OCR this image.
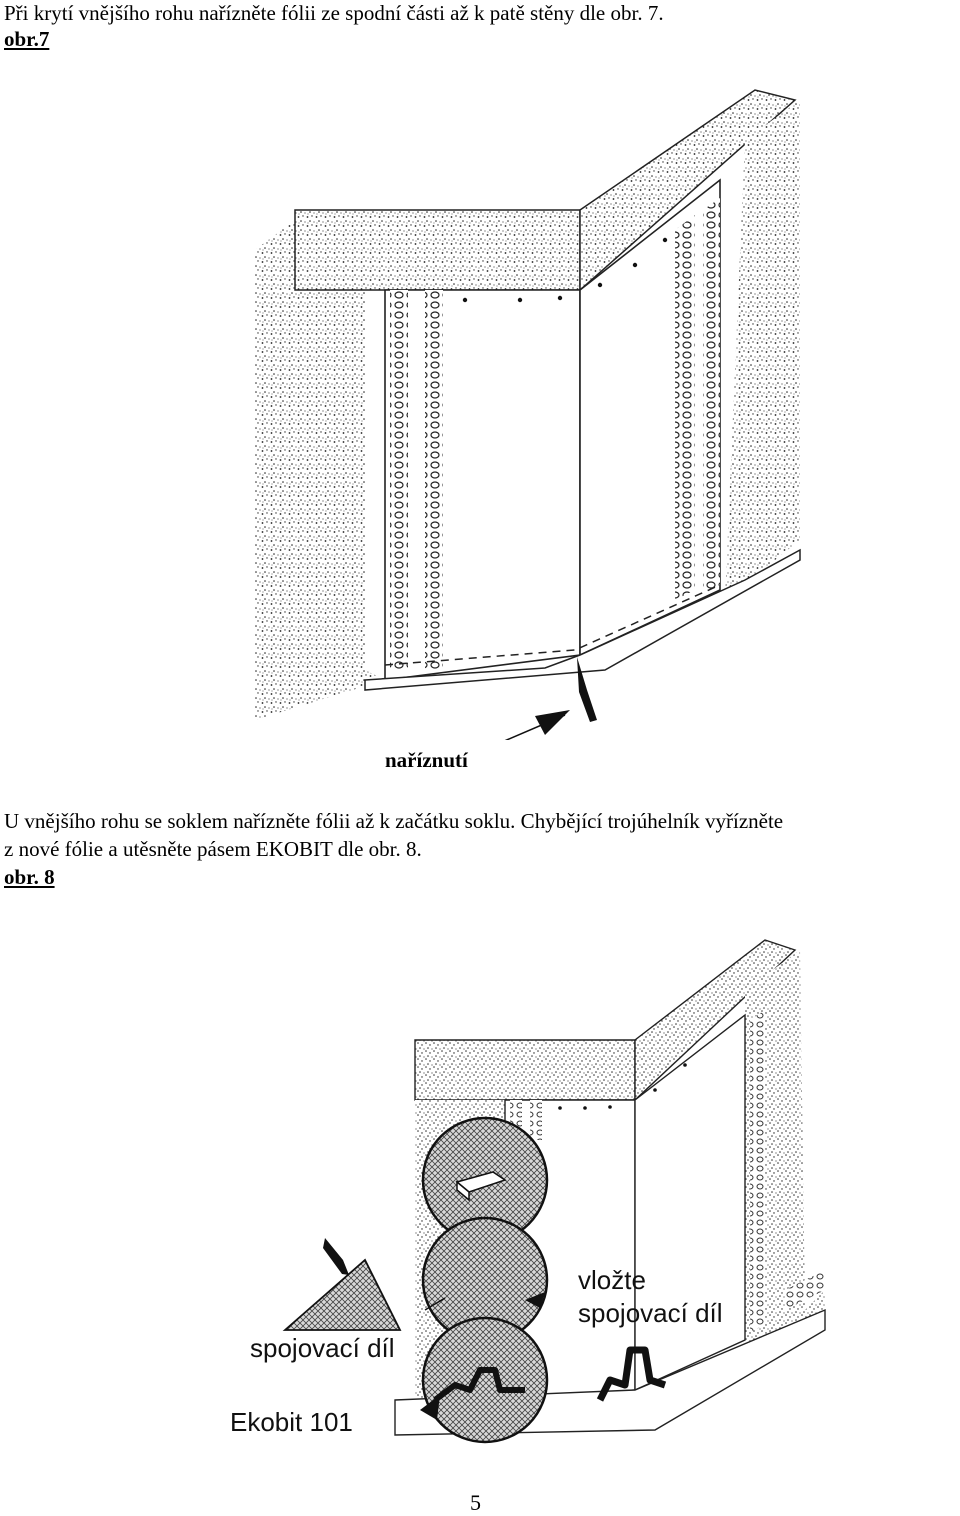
Při krytí vnějšího rohu nařízněte fólii ze spodní části až k patě stěny dle obr. 7.
obr.7
naříznutí
U vnějšího rohu se soklem nařízněte fólii až k začátku soklu. Chybějící trojúhelník vyřízněte
z nové fólie a utěsněte pásem EKOBIT dle obr. 8.
obr. 8
vložte
spojovací díl
spojovací díl
Ekobit 101
5
